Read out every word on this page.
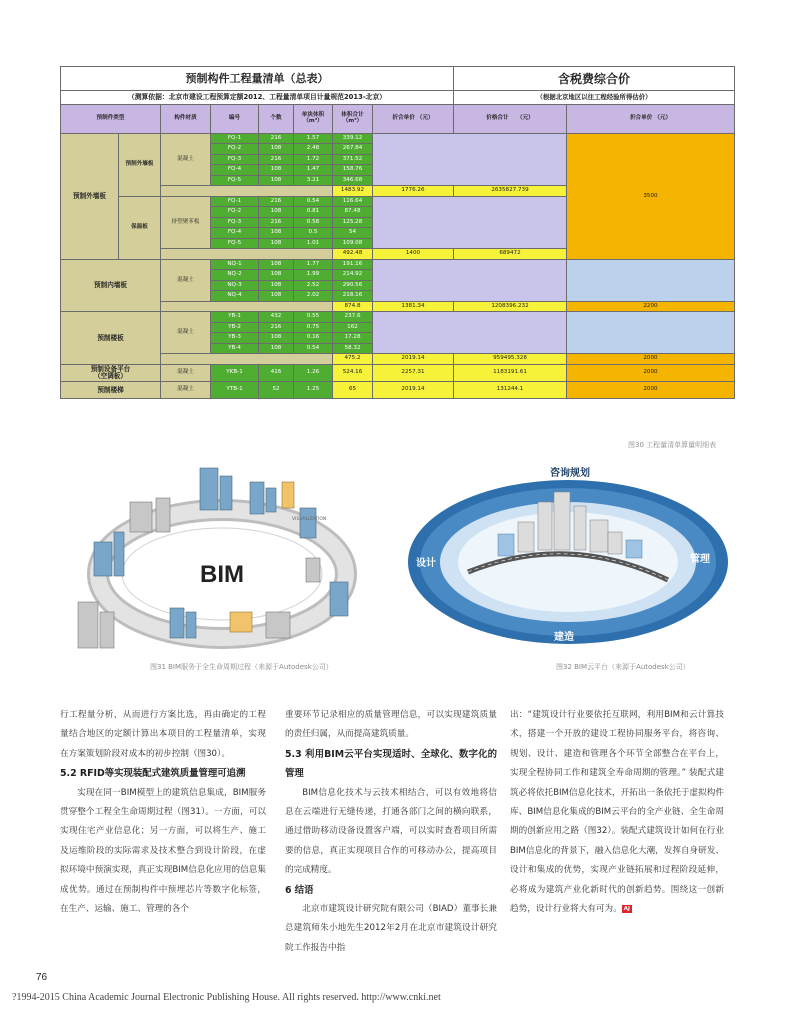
预制构件工程量清单（总表）								含税费综合价		
（测算依据：北京市建设工程预算定额2012、工程量清单项目计量规范2013-北京）								（根据北京地区以往工程经验所得估价）		
预制件类型		构件材质	编号	个数	单块体积 （m³）	体积合计 （m³）	折合单价 （元）	价格合计　　（元）	折合单价 （元）	
预制外墙板	预制外墙板	混凝土	FQ-1	216	1.57	339.12			3500	
			FQ-2	108	2.48	267.84				
			FQ-3	216	1.72	371.52				
			FQ-4	108	1.47	158.76				
			FQ-5	108	3.21	346.68				
						1483.92	1776.26	2635827.739		
	保温板	挤塑聚苯板	FQ-1	216	0.54	116.64				
			FQ-2	108	0.81	87.48				
			FQ-3	216	0.58	125.28				
			FQ-4	108	0.5	54				
			FQ-5	108	1.01	109.08				
						492.48	1400	689472		
预制内墙板		混凝土	NQ-1	108	1.77	191.16				
			NQ-2	108	1.99	214.92				
			NQ-3	108	2.52	290.56				
			NQ-4	108	2.02	218.16				
						874.8	1381.34	1208396.232	2200	
预制楼板		混凝土	YB-1	432	0.55	237.6				
			YB-2	216	0.75	162				
			YB-3	108	0.16	17.28				
			YB-4	108	0.54	58.32				
						475.2	2019.14	959495.328	2000	
预制设备平台
（空调板）		混凝土	YKB-1	416	1.26	524.16	2257.31	1183191.61	2000	
预制楼梯		混凝土	YTB-1	52	1.25	65	2019.14	131244.1	2000	
图30 工程量清单算量明细表
VISUALIZATION
BIM
图31 BIM服务于全生命周期过程（来源于Autodesk公司）
咨询规划
设计	管理
建造
图32 BIM云平台（来源于Autodesk公司）

行工程量分析，从而进行方案比选，再由确定的工程量结合地区的定额计算出本项目的工程量清单，实现在方案策划阶段对成本的初步控制（图30）。

5.2 RFID等实现装配式建筑质量管理可追溯

实现在同一BIM模型上的建筑信息集成，BIM服务贯穿整个工程全生命周期过程（图31）。一方面，可以实现住宅产业信息化；另一方面，可以将生产、施工及运维阶段的实际需求及技术整合到设计阶段，在虚拟环境中预演实现，真正实现BIM信息化应用的信息集成优势。通过在预制构件中预埋芯片等数字化标签，在生产、运输、施工、管理的各个

重要环节记录相应的质量管理信息，可以实现建筑质量的责任归属，从而提高建筑质量。

5.3 利用BIM云平台实现适时、全球化、数字化的管理

BIM信息化技术与云技术相结合，可以有效地将信息在云端进行无缝传递，打通各部门之间的横向联系，通过借助移动设备设置客户端，可以实时查看项目所需要的信息，真正实现项目合作的可移动办公，提高项目的完成精度。

6 结语

北京市建筑设计研究院有限公司（BIAD）董事长兼总建筑师朱小地先生2012年2月在北京市建筑设计研究院工作报告中指

出：“建筑设计行业要依托互联网，利用BIM和云计算技术，搭建一个开放的建设工程协同服务平台，将咨询、规划、设计、建造和管理各个环节全部整合在平台上，实现全程协同工作和建筑全寿命周期的管理。” 装配式建筑必将依托BIM信息化技术，开拓出一条依托于虚拟构件库、BIM信息化集成的BIM云平台的全产业链、全生命周期的创新应用之路（图32）。装配式建筑设计如何在行业BIM信息化的背景下，融入信息化大潮，发挥自身研发、设计和集成的优势，实现产业链拓展和过程阶段延伸，必将成为建筑产业化新时代的创新趋势。围绕这一创新趋势，设计行业将大有可为。 AJ

76
?1994-2015 China Academic Journal Electronic Publishing House. All rights reserved. http://www.cnki.net
